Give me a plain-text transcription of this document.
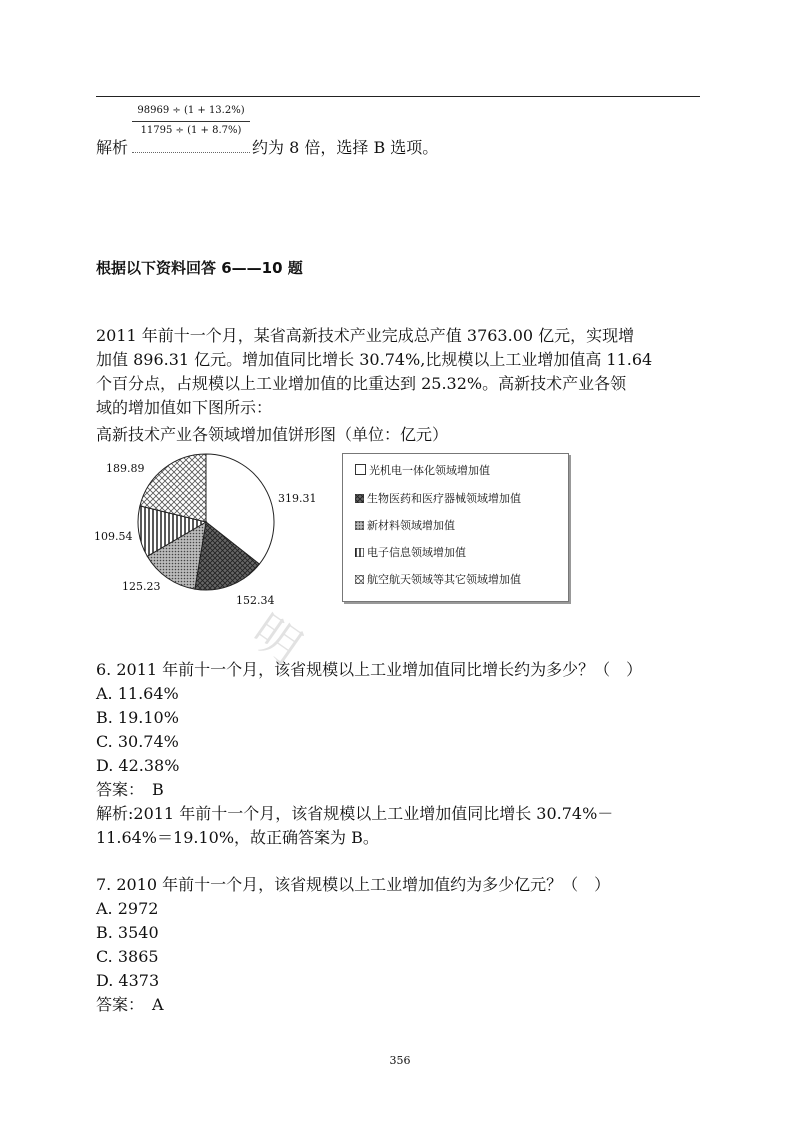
$\frac{98969 \div (1 + 13.2\%)}{11795 \div (1 + 8.7\%)}$
解析	约为 8 倍，选择 B 选项。
根据以下资料回答 6——10 题
2011 年前十一个月，某省高新技术产业完成总产值 3763.00 亿元，实现增
加值 896.31 亿元。增加值同比增长 30.74%,比规模以上工业增加值高 11.64
个百分点，占规模以上工业增加值的比重达到 25.32%。高新技术产业各领
域的增加值如下图所示：
高新技术产业各领域增加值饼形图（单位：亿元）
189.89
319.31
109.54
125.23
152.34
光机电一体化领域增加值
生物医药和医疗器械领域增加值
新材料领域增加值
电子信息领域增加值
航空航天领域等其它领域增加值
明
6. 2011 年前十一个月，该省规模以上工业增加值同比增长约为多少？（　）
A. 11.64%
B. 19.10%
C. 30.74%
D. 42.38%
答案：　B
解析:2011 年前十一个月，该省规模以上工业增加值同比增长 30.74%－
11.64%＝19.10%，故正确答案为 B。
7. 2010 年前十一个月，该省规模以上工业增加值约为多少亿元？（　）
A. 2972
B. 3540
C. 3865
D. 4373
答案：　A
356
